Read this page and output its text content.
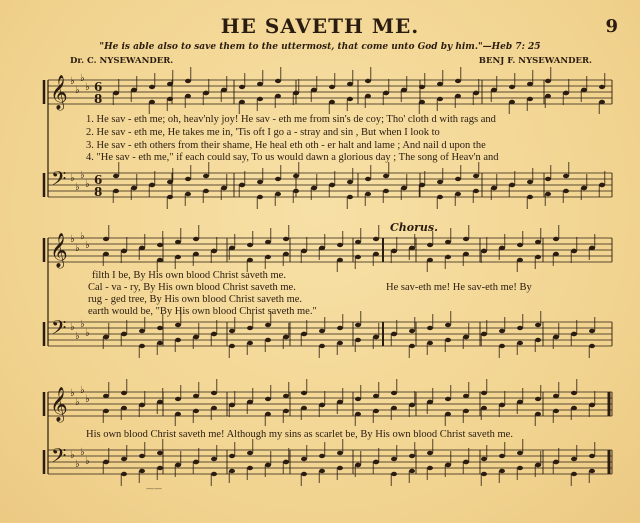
HE SAVETH ME.	9
"He is able also to save them to the uttermost, that come unto God by him."—Heb 7: 25
Dr. C. NYSEWANDER.	BENJ F. NYSEWANDER.
𝄞
𝄢
♭
♭
♭
♭
♭
♭
♭
♭
6
8
6
8
𝄞
𝄢
♭
♭
♭
♭
♭
♭
♭
♭
𝄞
𝄢
♭
♭
♭
♭
♭
♭
♭
♭
1. He sav - eth me; oh, heav'nly joy! He sav - eth me from sin's de coy; Tho' cloth d with rags and
2. He sav - eth me, He takes me in, 'Tis oft I go a - stray and sin , But when I look to
3. He sav - eth others from their shame, He heal eth oth - er halt and lame ; And nail d upon the
4. "He sav - eth me," if each could say, To us would dawn a glorious day ; The song of Heav'n and
filth I be, By His own blood Christ saveth me.
Cal - va - ry, By His own blood Christ saveth me.
rug - ged tree, By His own blood Christ saveth me.
earth would be, "By His own blood Christ saveth me."
He sav-eth me! He sav-eth me! By
Chorus.
His own blood Christ saveth me! Although my sins as scarlet be, By His own blood Christ saveth me.
——
